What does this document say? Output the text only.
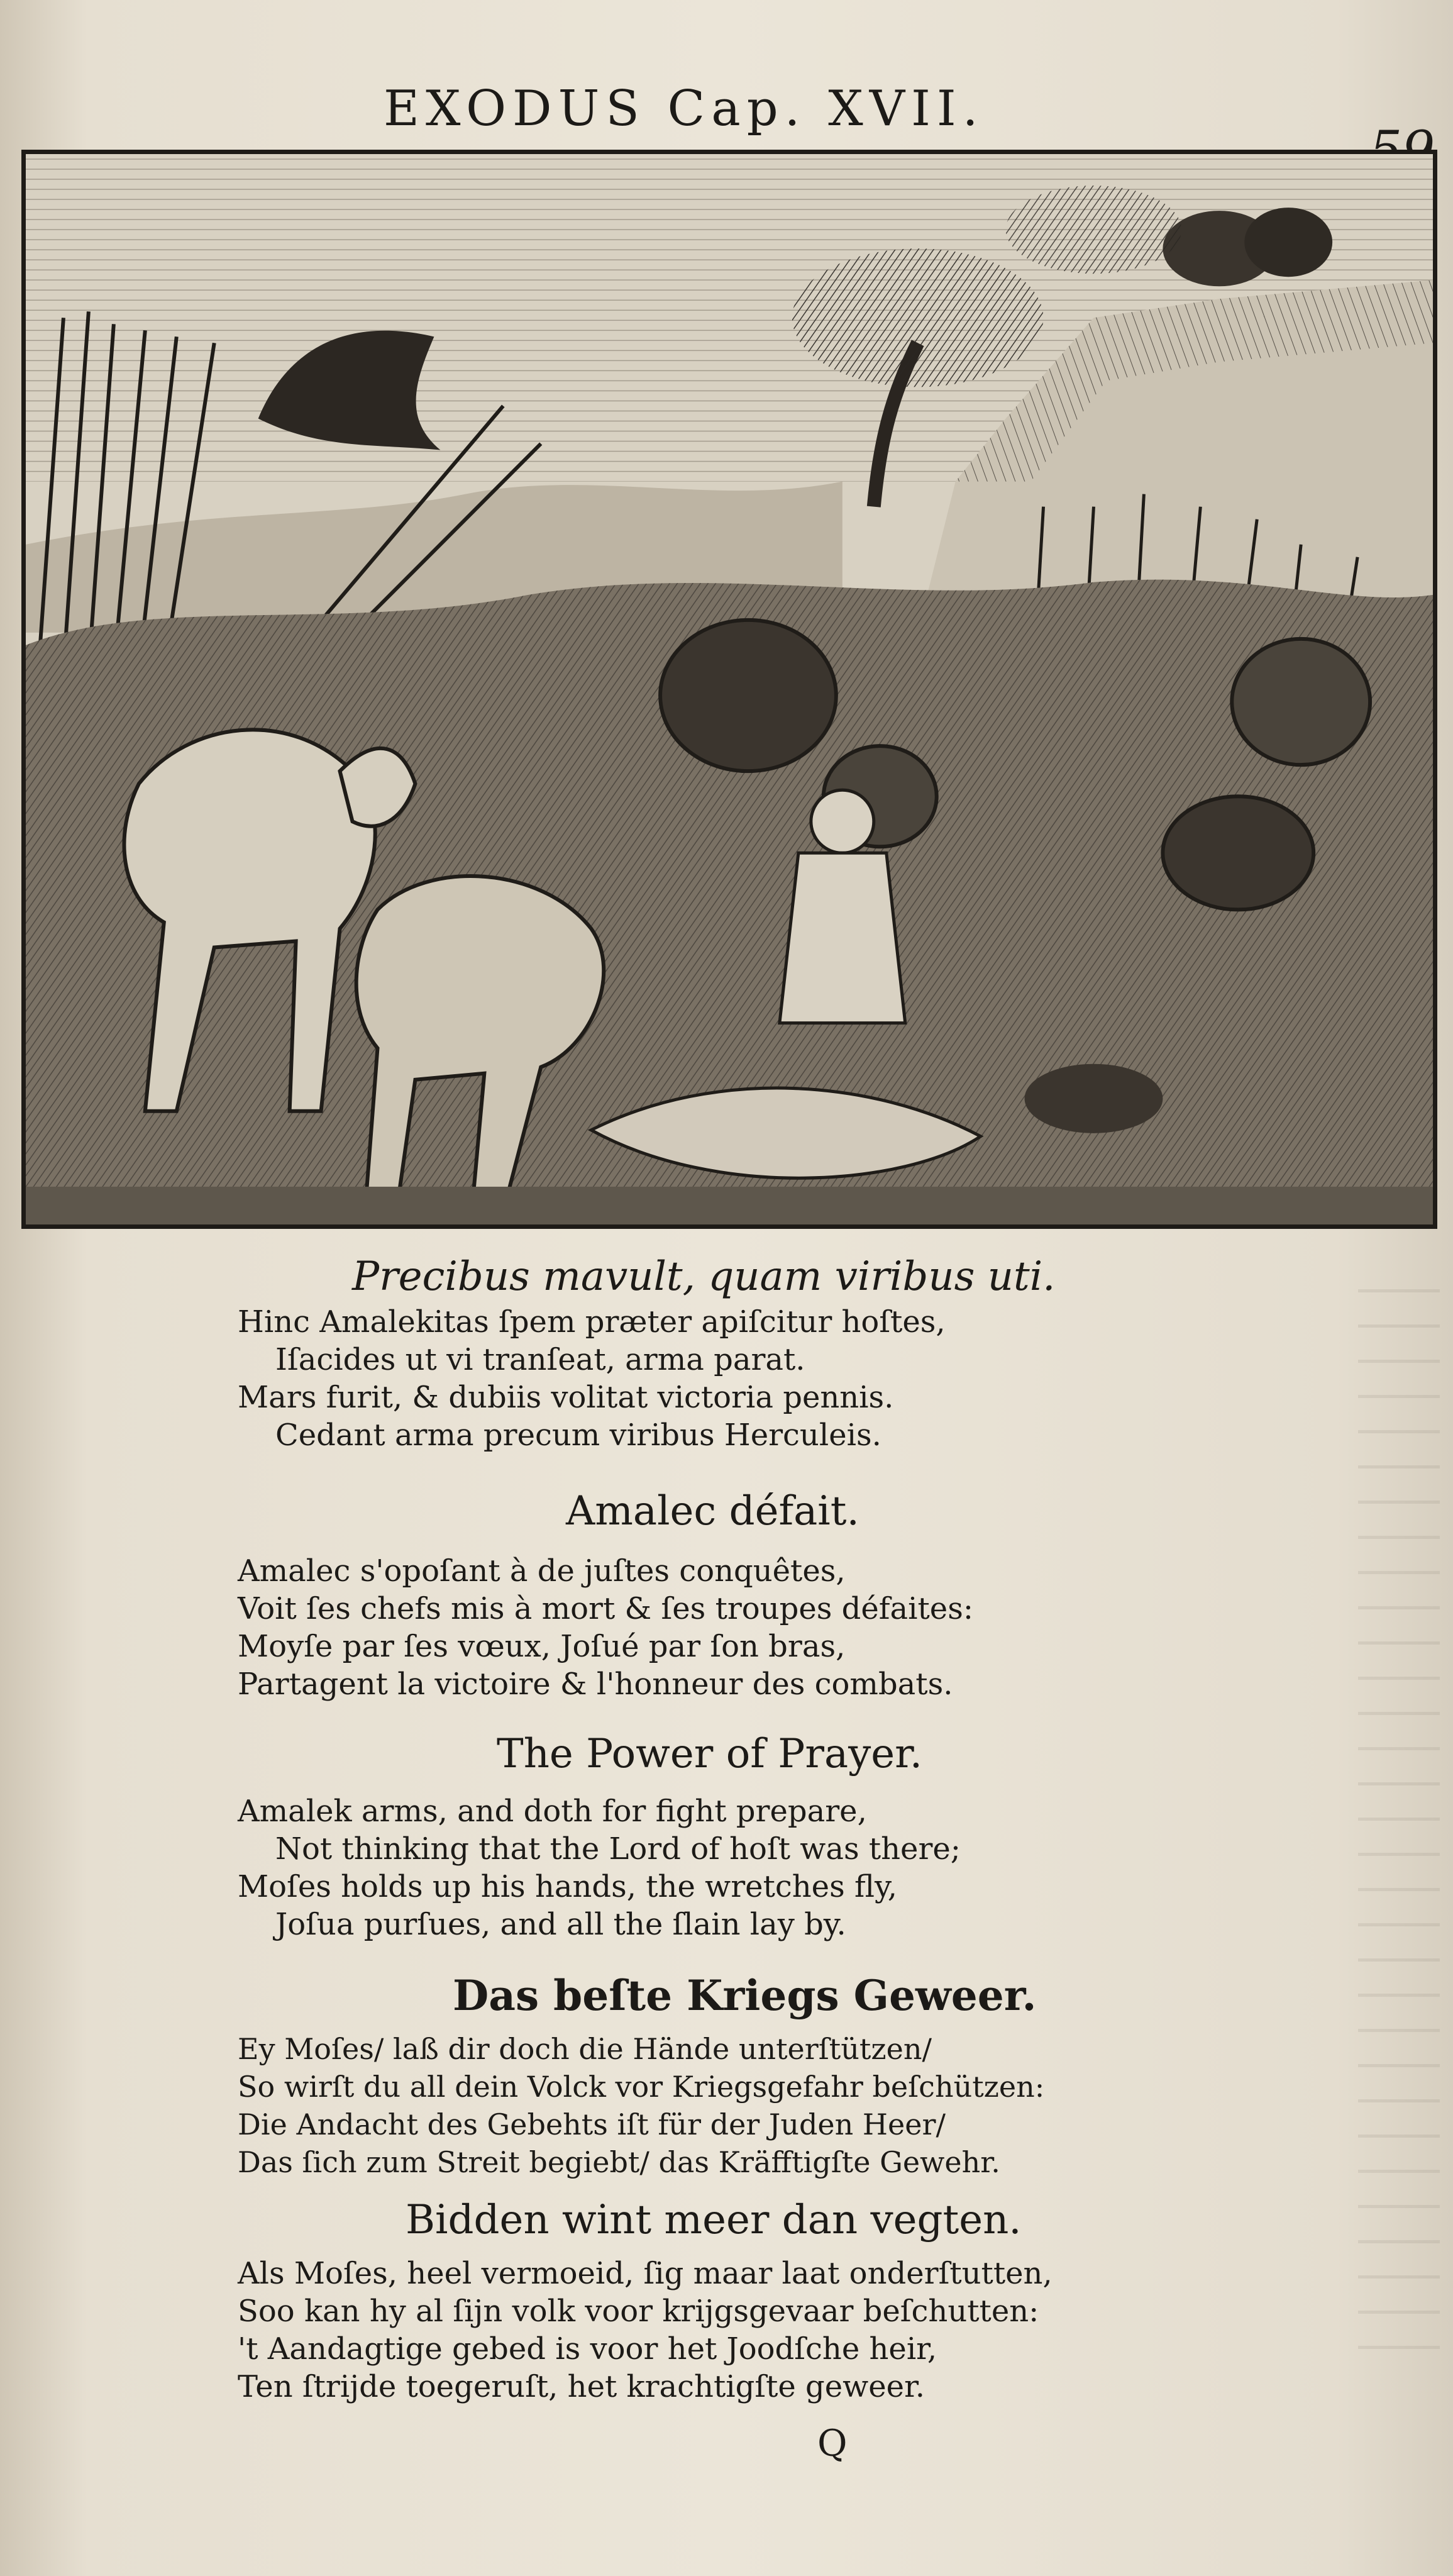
EXODUS Cap. XVII.
Precibus mavult, quam viribus uti.
Hinc Amalekitas ſpem præter apiſcitur hoſtes,
Iſacides ut vi tranſeat, arma parat.
Mars furit, & dubiis volitat victoria pennis.
Cedant arma precum viribus Herculeis.
Amalec défait.
Amalec s'opoſant à de juſtes conquêtes,
Voit ſes chefs mis à mort & ſes troupes défaites:
Moyſe par ſes vœux, Joſué par ſon bras,
Partagent la victoire & l'honneur des combats.
The Power of Prayer.
Amalek arms, and doth for fight prepare,
Not thinking that the Lord of hoſt was there;
Moſes holds up his hands, the wretches fly,
Joſua purſues, and all the ſlain lay by.
Das beſte Kriegs Geweer.
Ey Moſes/ laß dir doch die Hände unterſtützen/
So wirſt du all dein Volck vor Kriegsgefahr beſchützen:
Die Andacht des Gebehts iſt für der Juden Heer/
Das ſich zum Streit begiebt/ das Kräfftigſte Gewehr.
Bidden wint meer dan vegten.
Als Moſes, heel vermoeid, ſig maar laat onderſtutten,
Soo kan hy al ſijn volk voor krijgsgevaar beſchutten:
't Aandagtige gebed is voor het Joodſche heir,
Ten ſtrijde toegeruſt, het krachtigſte geweer.
Q
